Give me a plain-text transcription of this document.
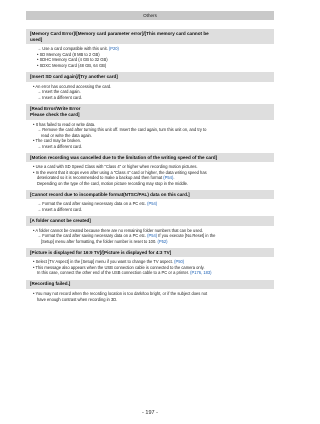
Others
[Memory Card Error]/[Memory card parameter error]/[This memory card cannot be
used]
→ Use a card compatible with this unit. (P20)
• SD Memory Card (8 MB to 2 GB)
• SDHC Memory Card (4 GB to 32 GB)
• SDXC Memory Card (48 GB, 64 GB)
[Insert SD card again]/[Try another card]
• An error has occurred accessing the card.
→ Insert the card again.
→ Insert a different card.
[Read Error/Write Error
Please check the card]
• It has failed to read or write data.
→ Remove the card after turning this unit off. Insert the card again, turn this unit on, and try to
read or write the data again.
• The card may be broken.
→ Insert a different card.
[Motion recording was cancelled due to the limitation of the writing speed of the card]
• Use a card with SD Speed Class with "Class 4" or higher when recording motion pictures.
• In the event that it stops even after using a "Class 4" card or higher, the data writing speed has
deteriorated so it is recommended to make a backup and then format (P54).
Depending on the type of the card, motion picture recording may stop in the middle.
[Cannot record due to incompatible format(NTSC/PAL) data on this card.]
→ Format the card after saving necessary data on a PC etc. (P54)
→ Insert a different card.
[A folder cannot be created]
• A folder cannot be created because there are no remaining folder numbers that can be used.
→ Format the card after saving necessary data on a PC etc. (P54) If you execute [No.Reset] in the
[Setup] menu after formatting, the folder number is reset to 100. (P52)
[Picture is displayed for 16:9 TV]/[Picture is displayed for 4:3 TV]
• Select [TV Aspect] in the [Setup] menu if you want to change the TV aspect. (P50)
• This message also appears when the USB connection cable is connected to the camera only.
In this case, connect the other end of the USB connection cable to a PC or a printer. (P176, 183)
[Recording failed.]
• You may not record when the recording location is too dark/too bright, or if the subject does not
have enough contrast when recording in 3D.
- 197 -
